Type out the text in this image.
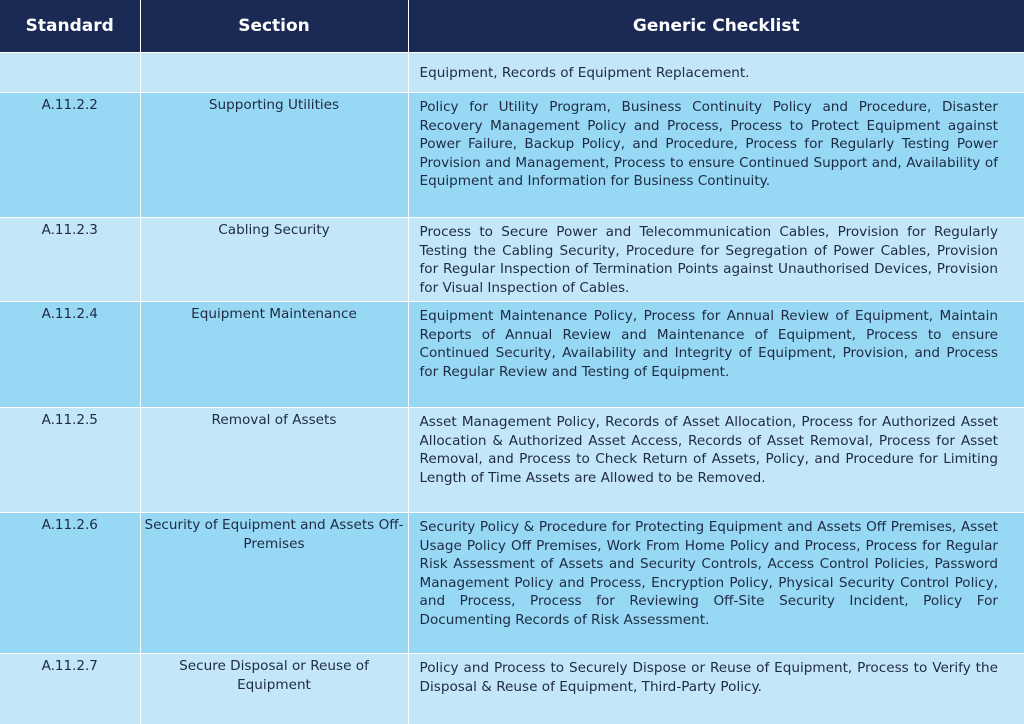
Standard	Section	Generic Checklist
		Equipment, Records of Equipment Replacement.
A.11.2.2	Supporting Utilities	Policy for Utility Program, Business Continuity Policy and Procedure, Disaster Recovery Management Policy and Process, Process to Protect Equipment against Power Failure, Backup Policy, and Procedure, Process for Regularly Testing Power Provision and Management, Process to ensure Continued Support and, Availability of Equipment and Information for Business Continuity.
A.11.2.3	Cabling Security	Process to Secure Power and Telecommunication Cables, Provision for Regularly Testing the Cabling Security, Procedure for Segregation of Power Cables, Provision for Regular Inspection of Termination Points against Unauthorised Devices, Provision for Visual Inspection of Cables.
A.11.2.4	Equipment Maintenance	Equipment Maintenance Policy, Process for Annual Review of Equipment, Maintain Reports of Annual Review and Maintenance of Equipment, Process to ensure Continued Security, Availability and Integrity of Equipment, Provision, and Process for Regular Review and Testing of Equipment.
A.11.2.5	Removal of Assets	Asset Management Policy, Records of Asset Allocation, Process for Authorized Asset Allocation & Authorized Asset Access, Records of Asset Removal, Process for Asset Removal, and Process to Check Return of Assets, Policy, and Procedure for Limiting Length of Time Assets are Allowed to be Removed.
A.11.2.6	Security of Equipment and Assets Off-Premises	Security Policy & Procedure for Protecting Equipment and Assets Off Premises, Asset Usage Policy Off Premises, Work From Home Policy and Process, Process for Regular Risk Assessment of Assets and Security Controls, Access Control Policies, Password Management Policy and Process, Encryption Policy, Physical Security Control Policy, and Process, Process for Reviewing Off-Site Security Incident, Policy For Documenting Records of Risk Assessment.
A.11.2.7	Secure Disposal or Reuse of Equipment	Policy and Process to Securely Dispose or Reuse of Equipment, Process to Verify the Disposal & Reuse of Equipment, Third-Party Policy.
